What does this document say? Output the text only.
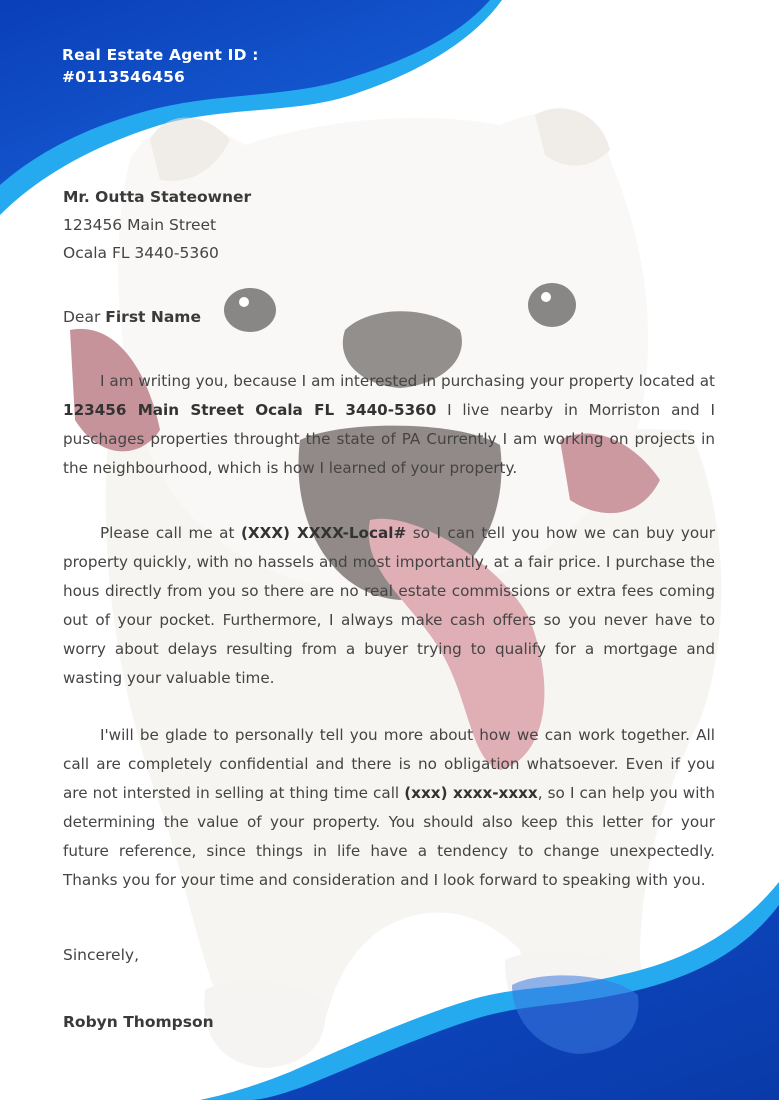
Real Estate Agent ID :
#0113546456
Mr. Outta Stateowner
123456 Main Street
Ocala FL 3440-5360
Dear First Name
I am writing you, because I am interested in purchasing your property located at 123456 Main Street Ocala FL 3440-5360 I live nearby in Morriston and I puschages properties throught the state of PA Currently I am working on projects in the neighbourhood, which is how I learned of your property.
Please call me at (XXX) XXXX-Local# so I can tell you how we can buy your property quickly, with no hassels and most importantly, at a fair price. I purchase the hous directly from you so there are no real estate commissions or extra fees coming out of your pocket. Furthermore, I always make cash offers so you never have to worry about delays resulting from a buyer trying to qualify for a mortgage and wasting your valuable time.
I'will be glade to personally tell you more about how we can work together. All call are completely confidential and there is no obligation whatsoever. Even if you are not intersted in selling at thing time call (xxx) xxxx-xxxx, so I can help you with determining the value of your property. You should also keep this letter for your future reference, since things in life have a tendency to change unexpectedly. Thanks you for your time and consideration and I look forward to speaking with you.
Sincerely,
Robyn Thompson
